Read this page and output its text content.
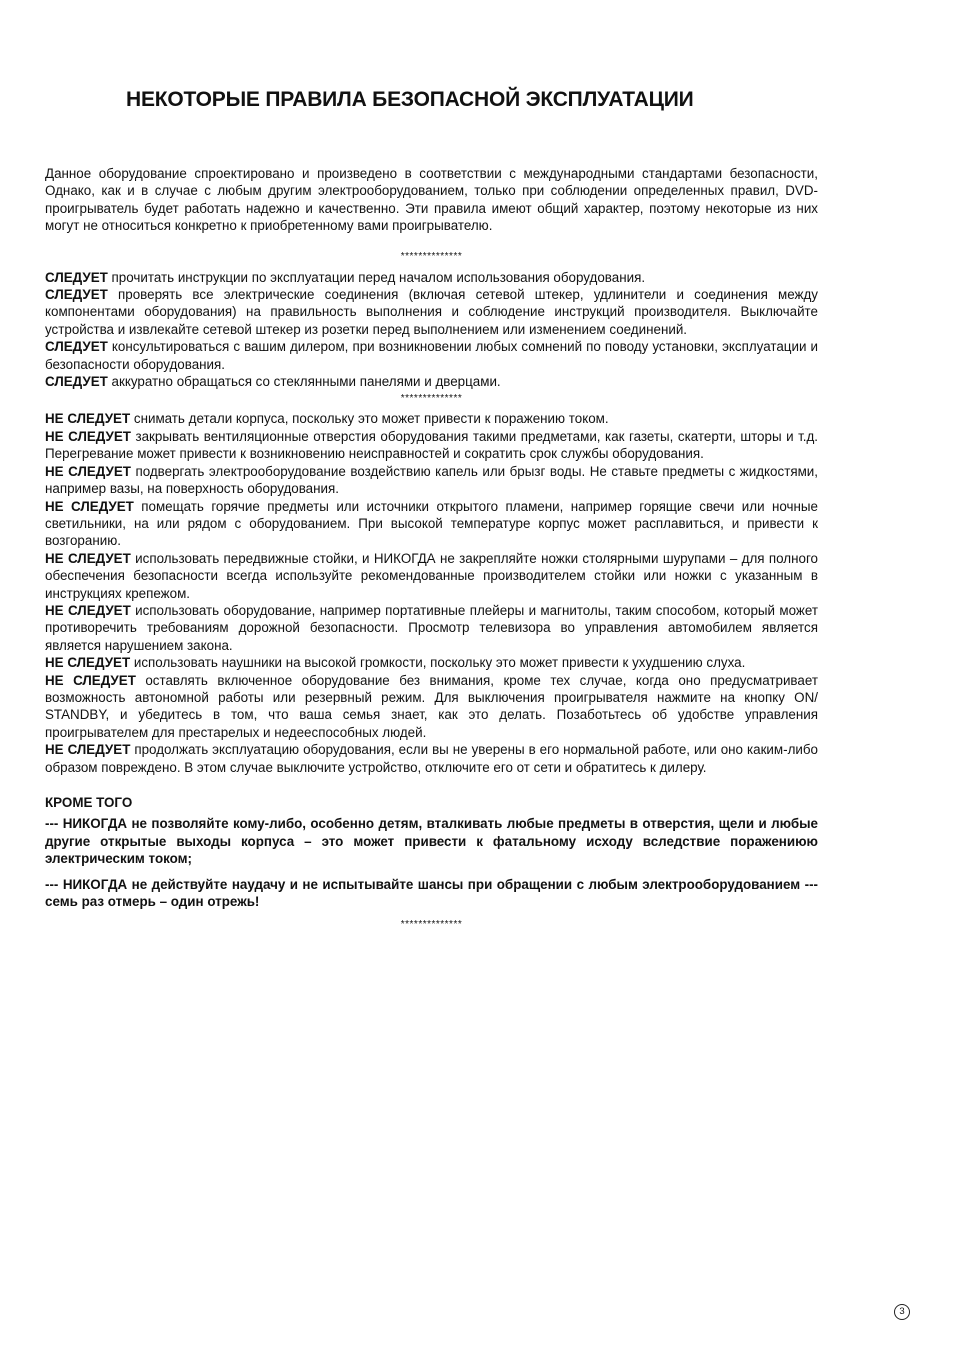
НЕКОТОРЫЕ ПРАВИЛА БЕЗОПАСНОЙ ЭКСПЛУАТАЦИИ

Данное оборудование спроектировано и произведено в соответствии с международными стандартами безопасности, Однако, как и в случае с любым другим электрооборудованием, только при соблюдении определенных правил, DVD-проигрыватель будет работать надежно и качественно. Эти правила имеют общий характер, поэтому некоторые из них могут не относиться конкретно к приобретенному вами проигрывателю.

**************

СЛЕДУЕТ прочитать инструкции по эксплуатации перед началом использования оборудования.

СЛЕДУЕТ проверять все электрические соединения (включая сетевой штекер, удлинители и соединения между компонентами оборудования) на правильность выполнения и соблюдение инструкций производителя. Выключайте устройства и извлекайте сетевой штекер из розетки перед выполнением или изменением соединений.

СЛЕДУЕТ консультироваться с вашим дилером, при возникновении любых сомнений по поводу установки, эксплуатации и безопасности оборудования.

СЛЕДУЕТ аккуратно обращаться со стеклянными панелями и дверцами.

**************

НЕ СЛЕДУЕТ снимать детали корпуса, поскольку это может привести к поражению током.

НЕ СЛЕДУЕТ закрывать вентиляционные отверстия оборудования такими предметами, как газеты, скатерти, шторы и т.д. Перегревание может привести к возникновению неисправностей и сократить срок службы оборудования.

НЕ СЛЕДУЕТ подвергать электрооборудование воздействию капель или брызг воды. Не ставьте предметы с жидкостями, например вазы, на поверхность оборудования.

НЕ СЛЕДУЕТ помещать горячие предметы или источники открытого пламени, например горящие свечи или ночные светильники, на или рядом с оборудованием. При высокой температуре корпус может расплавиться, и привести к возгоранию.

НЕ СЛЕДУЕТ использовать передвижные стойки, и НИКОГДА не закрепляйте ножки столярными шурупами – для полного обеспечения безопасности всегда используйте рекомендованные производителем стойки или ножки с указанным в инструкциях крепежом.

НЕ СЛЕДУЕТ использовать оборудование, например портативные плейеры и магнитолы, таким способом, который может противоречить требованиям дорожной безопасности. Просмотр телевизора во управления автомобилем является является нарушением закона.

НЕ СЛЕДУЕТ использовать наушники на высокой громкости, поскольку это может привести к ухудшению слуха.

НЕ СЛЕДУЕТ оставлять включенное оборудование без внимания, кроме тех случае, когда оно предусматривает возможность автономной работы или резервный режим. Для выключения проигрывателя нажмите на кнопку ON/ STANDBY, и убедитесь в том, что ваша семья знает, как это делать. Позаботьтесь об удобстве управления проигрывателем для престарелых и недееспособных людей.

НЕ СЛЕДУЕТ продолжать эксплуатацию оборудования, если вы не уверены в его нормальной работе, или оно каким-либо образом повреждено. В этом случае выключите устройство, отключите его от сети и обратитесь к дилеру.

КРОМЕ ТОГО

--- НИКОГДА не позволяйте кому-либо, особенно детям, вталкивать любые предметы в отверстия, щели и любые другие открытые выходы корпуса – это может привести к фатальному исходу вследствие поражениюю электрическим током;

--- НИКОГДА не действуйте наудачу и не испытывайте шансы при обращении с любым электрооборудованием --- семь раз отмерь – один отрежь!

**************

3
